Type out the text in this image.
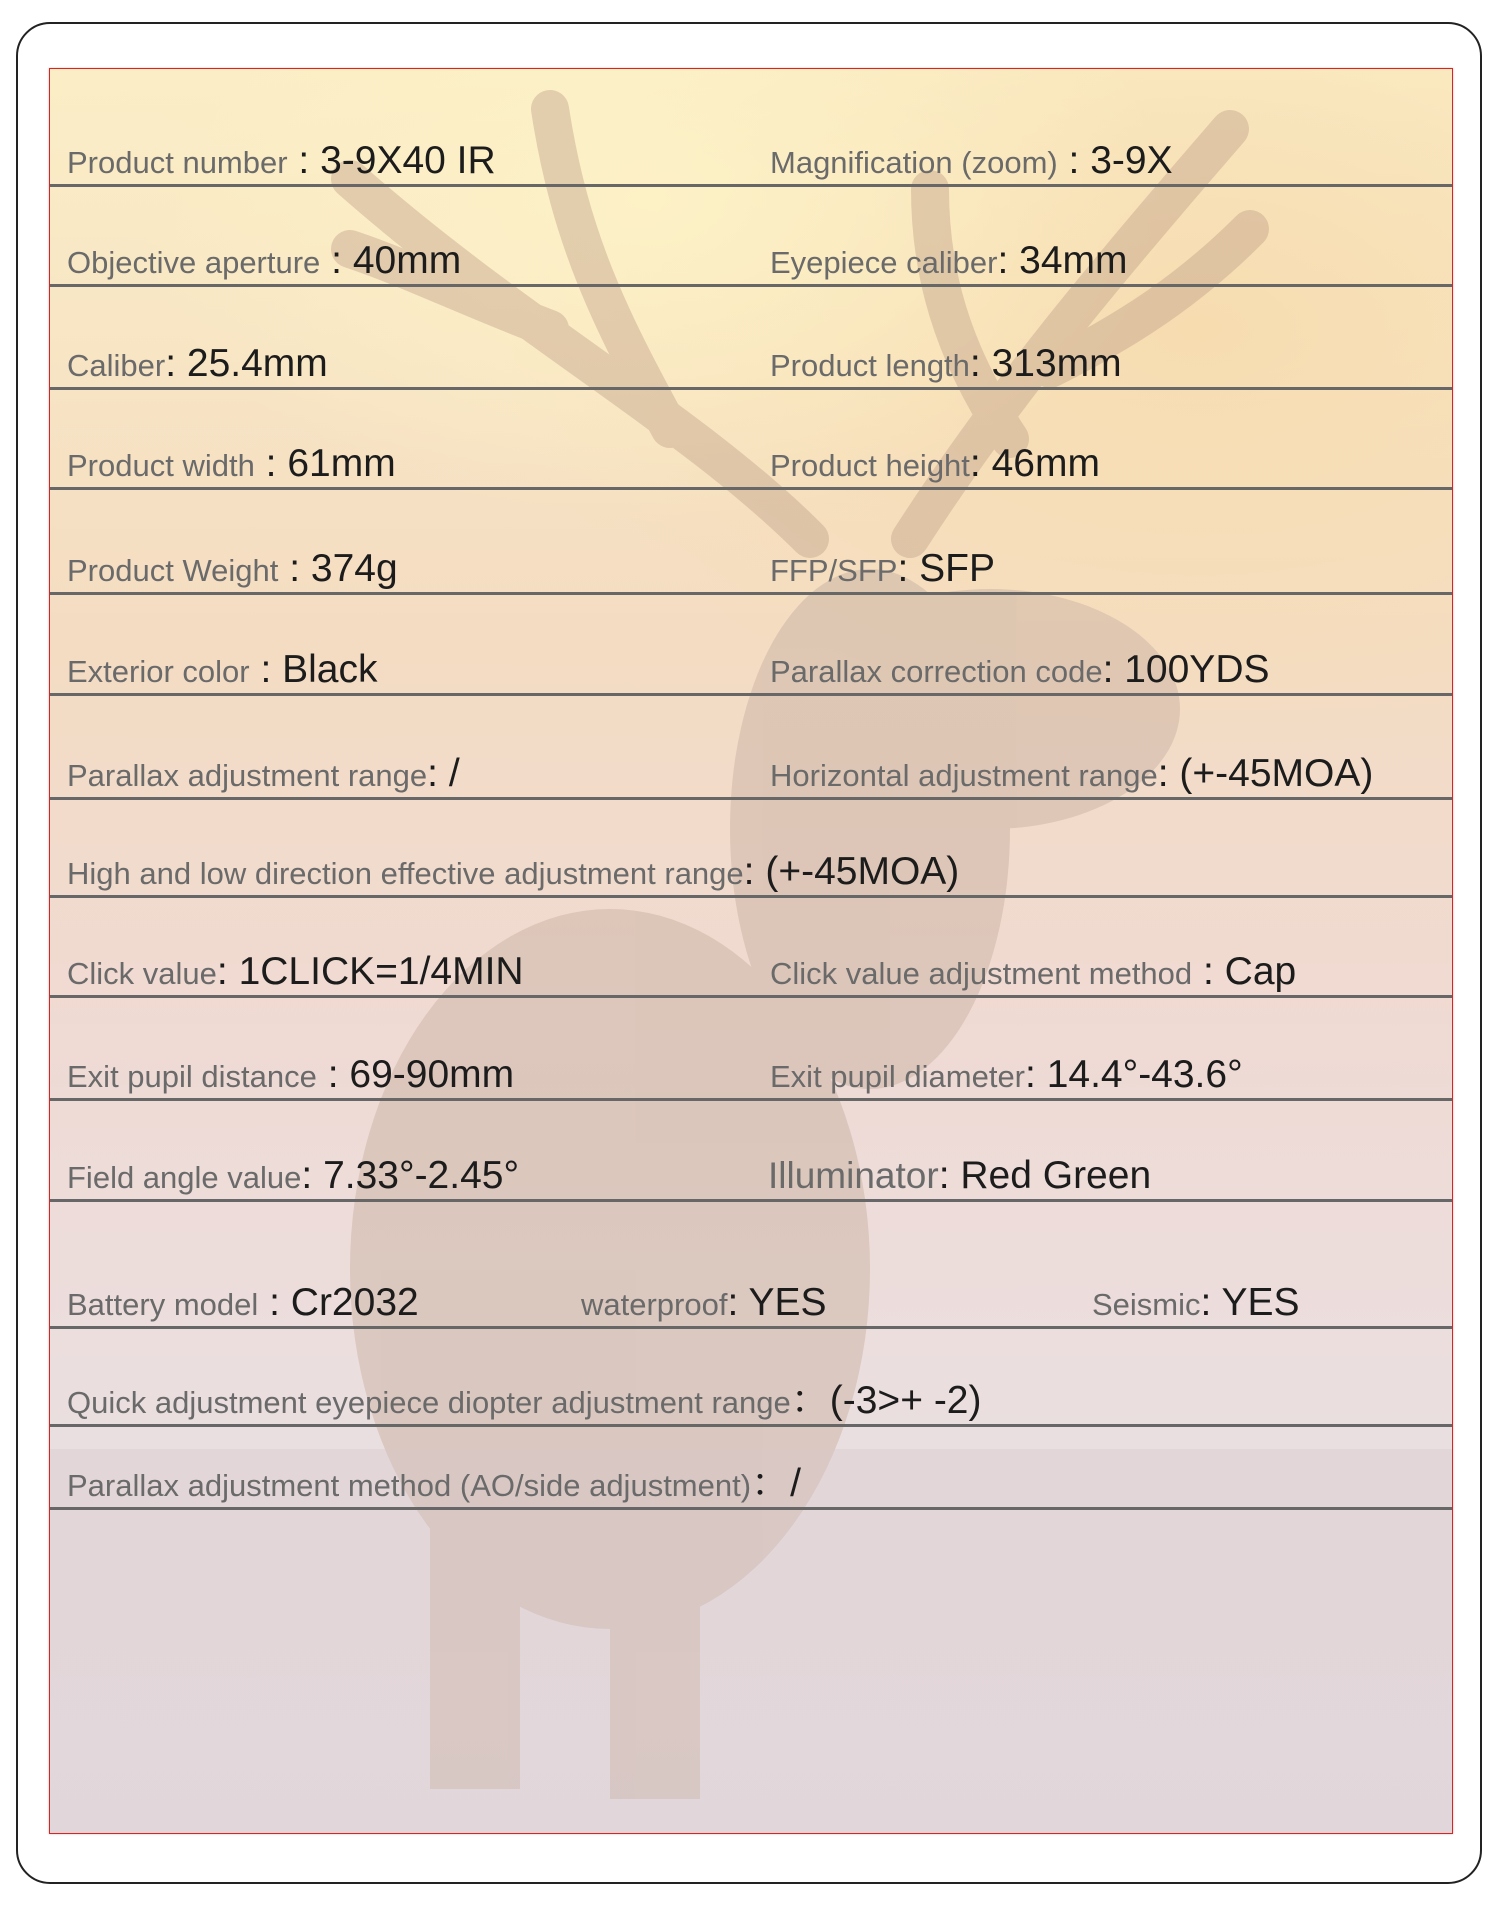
Product number : 3-9X40 IR	Magnification (zoom) : 3-9X
Objective aperture : 40mm	Eyepiece caliber: 34mm
Caliber: 25.4mm	Product length: 313mm
Product width : 61mm	Product height: 46mm
Product Weight : 374g	FFP/SFP: SFP
Exterior color : Black	Parallax correction code: 100YDS
Parallax adjustment range: /	Horizontal adjustment range: (+-45MOA)
High and low direction effective adjustment range: (+-45MOA)
Click value: 1CLICK=1/4MIN	Click value adjustment method : Cap
Exit pupil distance : 69-90mm	Exit pupil diameter: 14.4°-43.6°
Field angle value: 7.33°-2.45°	Illuminator: Red Green
Battery model : Cr2032	waterproof: YES	Seismic: YES
Quick adjustment eyepiece diopter adjustment range：(-3>+ -2)
Parallax adjustment method (AO/side adjustment)：/
